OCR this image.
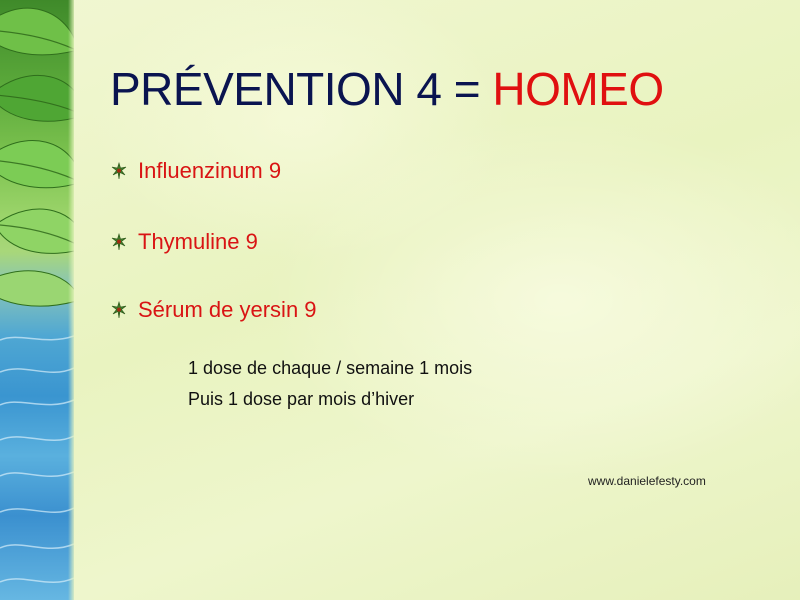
PRÉVENTION 4 = HOMEO
Influenzinum 9
Thymuline 9
Sérum de yersin 9

1 dose de chaque / semaine 1 mois

Puis 1 dose par mois d’hiver

www.danielefesty.com
